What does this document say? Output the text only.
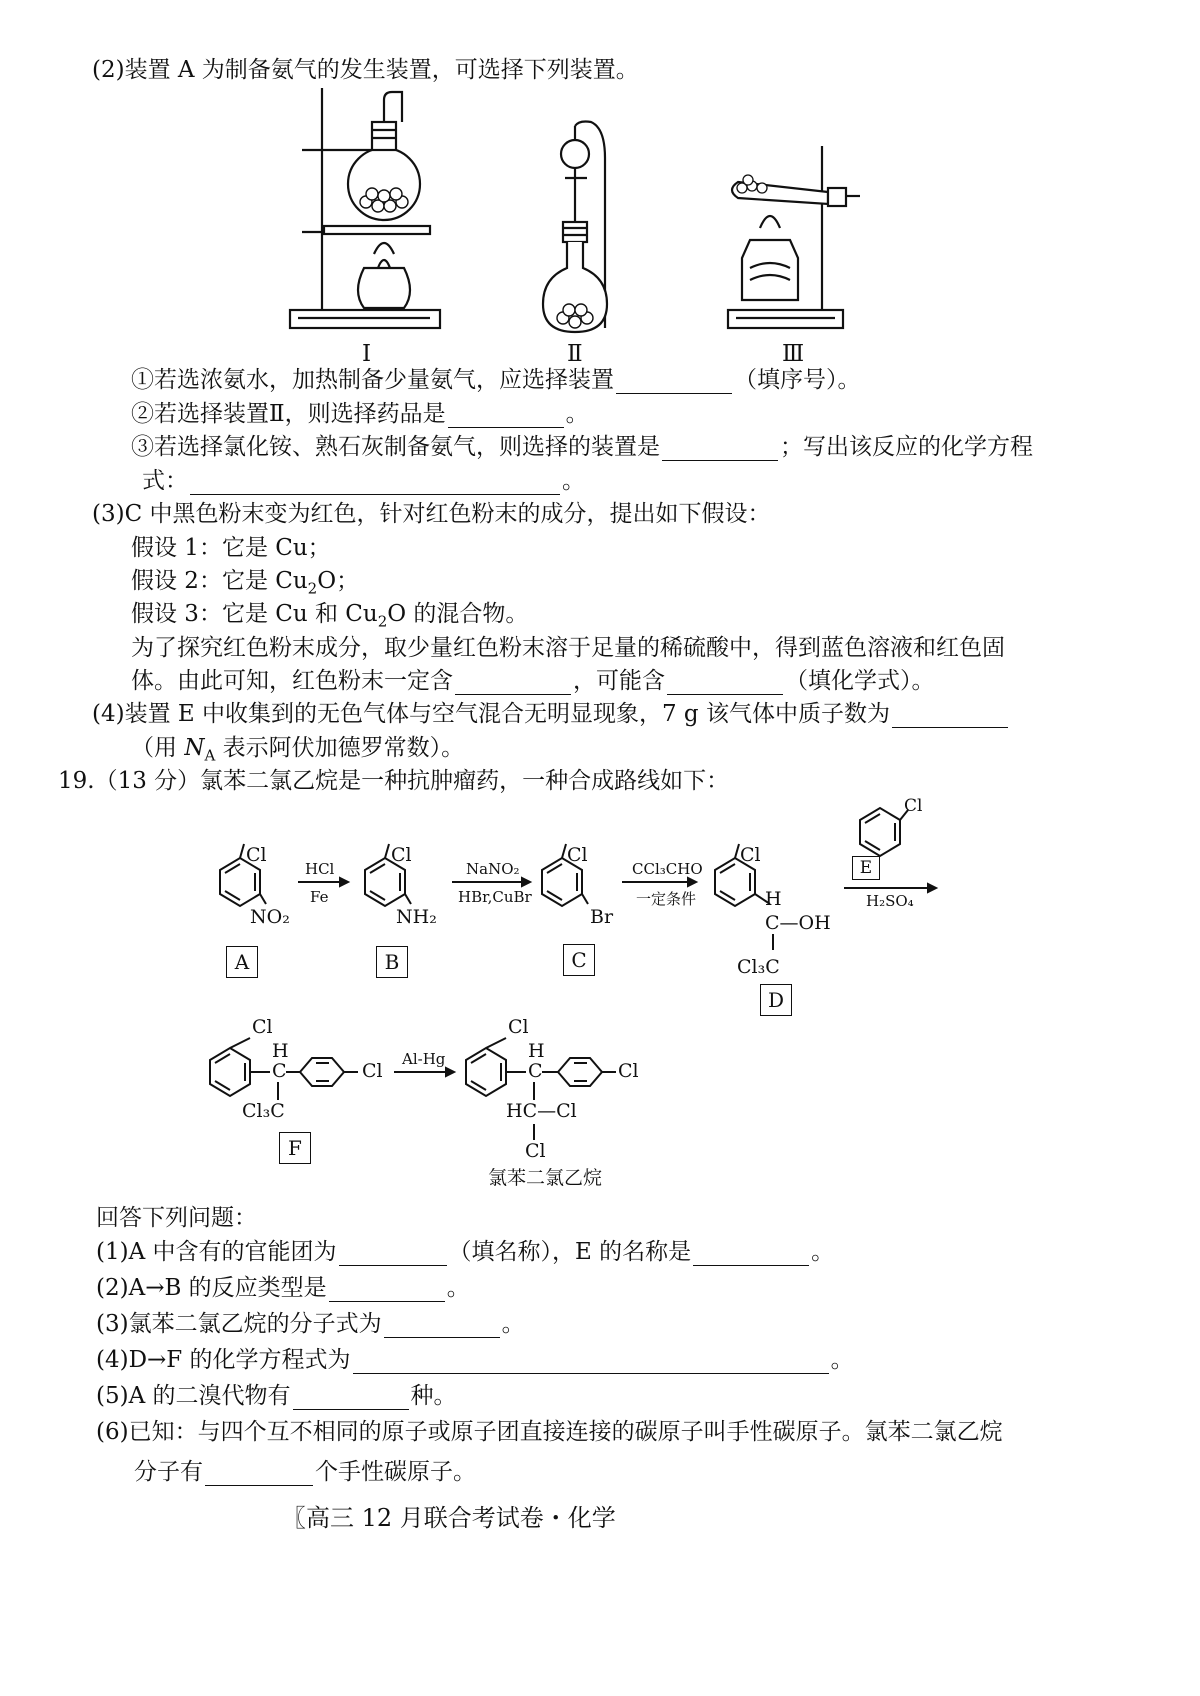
(2)装置 A 为制备氨气的发生装置，可选择下列装置。
Ⅰ	Ⅱ	Ⅲ
①若选浓氨水，加热制备少量氨气，应选择装置	（填序号）。
②若选择装置Ⅱ，则选择药品是	。
③若选择氯化铵、熟石灰制备氨气，则选择的装置是	；写出该反应的化学方程
式：	。
(3)C 中黑色粉末变为红色，针对红色粉末的成分，提出如下假设：
假设 1：它是 Cu；
假设 2：它是 $Cu_2O$；
假设 3：它是 Cu 和 $Cu_2O$ 的混合物。
为了探究红色粉末成分，取少量红色粉末溶于足量的稀硫酸中，得到蓝色溶液和红色固
体。由此可知，红色粉末一定含	，可能含	（填化学式）。
(4)装置 E 中收集到的无色气体与空气混合无明显现象，7 g 该气体中质子数为
（用 $N_A$ 表示阿伏加德罗常数）。
19.（13 分）氯苯二氯乙烷是一种抗肿瘤药，一种合成路线如下：
Cl
NO₂
HCl
Fe
Cl
NH₂
NaNO₂
HBr,CuBr
Cl
Br
CCl₃CHO
一定条件
Cl
H
C—OH
Cl₃C
Cl
H₂SO₄
A	B	C
D
E
Cl
H
C	Cl
Cl₃C
Al-Hg
Cl
H
C	Cl
HC—Cl
Cl
F
氯苯二氯乙烷
回答下列问题：
(1)A 中含有的官能团为	（填名称），E 的名称是	。
(2)A→B 的反应类型是	。
(3)氯苯二氯乙烷的分子式为	。
(4)D→F 的化学方程式为	。
(5)A 的二溴代物有	种。
(6)已知：与四个互不相同的原子或原子团直接连接的碳原子叫手性碳原子。氯苯二氯乙烷
分子有	个手性碳原子。
〖高三 12 月联合考试卷・化学
